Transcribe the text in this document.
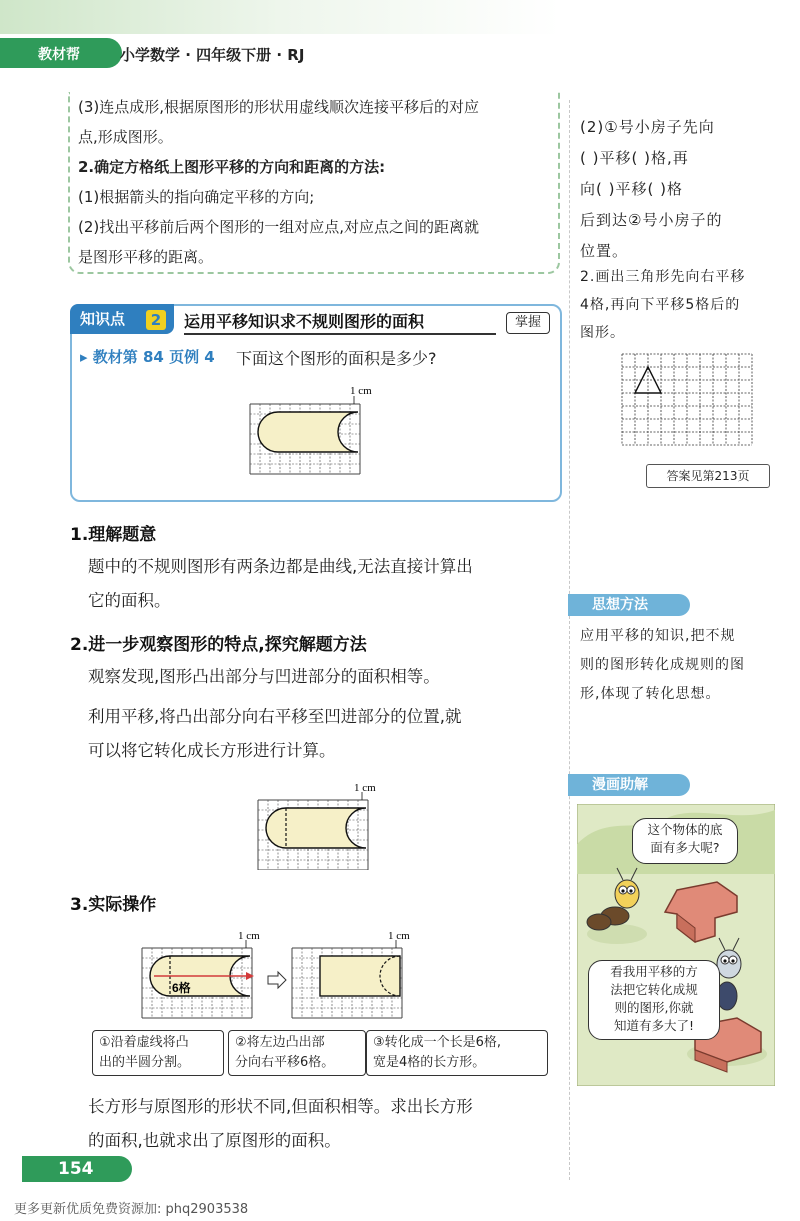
教材帮	小学数学 · 四年级下册 · RJ
(3)连点成形,根据原图形的形状用虚线顺次连接平移后的对应
点,形成图形。
2.确定方格纸上图形平移的方向和距离的方法:
(1)根据箭头的指向确定平移的方向;
(2)找出平移前后两个图形的一组对应点,对应点之间的距离就
是图形平移的距离。
(2)①号小房子先向
( )平移( )格,再
向( )平移( )格
后到达②号小房子的
位置。
2.画出三角形先向右平移
4格,再向下平移5格后的
图形。
答案见第213页
思想方法
应用平移的知识,把不规
则的图形转化成规则的图
形,体现了转化思想。
漫画助解
这个物体的底
面有多大呢?
看我用平移的方
法把它转化成规
则的图形,你就
知道有多大了!
知识点	2 运用平移知识求不规则图形的面积	掌握
▸ 教材第 84 页例 4 下面这个图形的面积是多少?
1 cm
1.理解题意
题中的不规则图形有两条边都是曲线,无法直接计算出
它的面积。
2.进一步观察图形的特点,探究解题方法
观察发现,图形凸出部分与凹进部分的面积相等。
利用平移,将凸出部分向右平移至凹进部分的位置,就
可以将它转化成长方形进行计算。
1 cm
3.实际操作
6格
1 cm	1 cm
①沿着虚线将凸
出的半圆分割。
②将左边凸出部
分向右平移6格。
③转化成一个长是6格,
宽是4格的长方形。
长方形与原图形的形状不同,但面积相等。求出长方形
的面积,也就求出了原图形的面积。
154
更多更新优质免费资源加: phq2903538
